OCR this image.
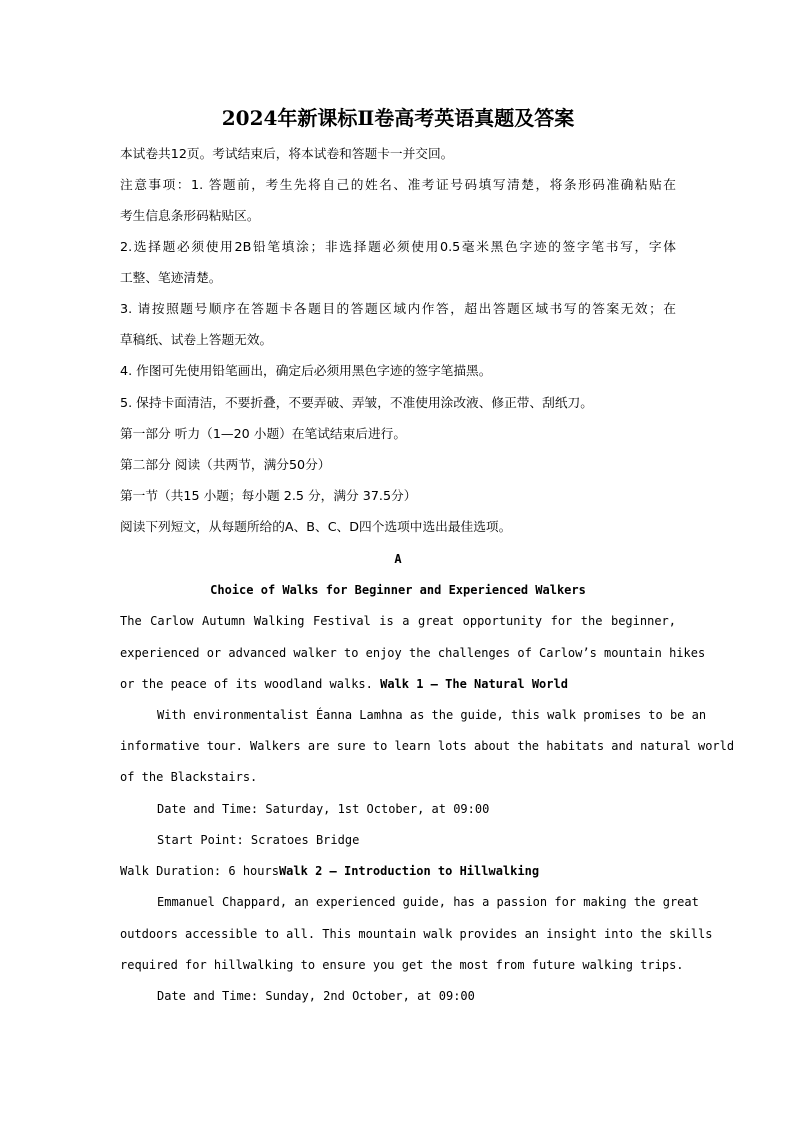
2024年新课标Ⅱ卷高考英语真题及答案
本试卷共12页。考试结束后，将本试卷和答题卡一并交回。
注意事项：1. 答题前，考生先将自己的姓名、准考证号码填写清楚，将条形码准确粘贴在
考生信息条形码粘贴区。
2.选择题必须使用2B铅笔填涂；非选择题必须使用0.5毫米黑色字迹的签字笔书写，字体
工整、笔迹清楚。
3. 请按照题号顺序在答题卡各题目的答题区域内作答，超出答题区域书写的答案无效；在
草稿纸、试卷上答题无效。
4. 作图可先使用铅笔画出，确定后必须用黑色字迹的签字笔描黑。
5. 保持卡面清洁，不要折叠，不要弄破、弄皱，不准使用涂改液、修正带、刮纸刀。
第一部分 听力（1—20 小题）在笔试结束后进行。
第二部分 阅读（共两节，满分50分）
第一节（共15 小题；每小题 2.5 分，满分 37.5分）
阅读下列短文，从每题所给的A、B、C、D四个选项中选出最佳选项。
A
Choice of Walks for Beginner and Experienced Walkers
The Carlow Autumn Walking Festival is a great opportunity for the beginner,
experienced or advanced walker to enjoy the challenges of Carlow’s mountain hikes
or the peace of its woodland walks. Walk 1 — The Natural World
With environmentalist Éanna Lamhna as the guide, this walk promises to be an
informative tour. Walkers are sure to learn lots about the habitats and natural world
of the Blackstairs.
Date and Time: Saturday, 1st October, at 09:00
Start Point: Scratoes Bridge
Walk Duration: 6 hoursWalk 2 — Introduction to Hillwalking
Emmanuel Chappard, an experienced guide, has a passion for making the great
outdoors accessible to all. This mountain walk provides an insight into the skills
required for hillwalking to ensure you get the most from future walking trips.
Date and Time: Sunday, 2nd October, at 09:00
